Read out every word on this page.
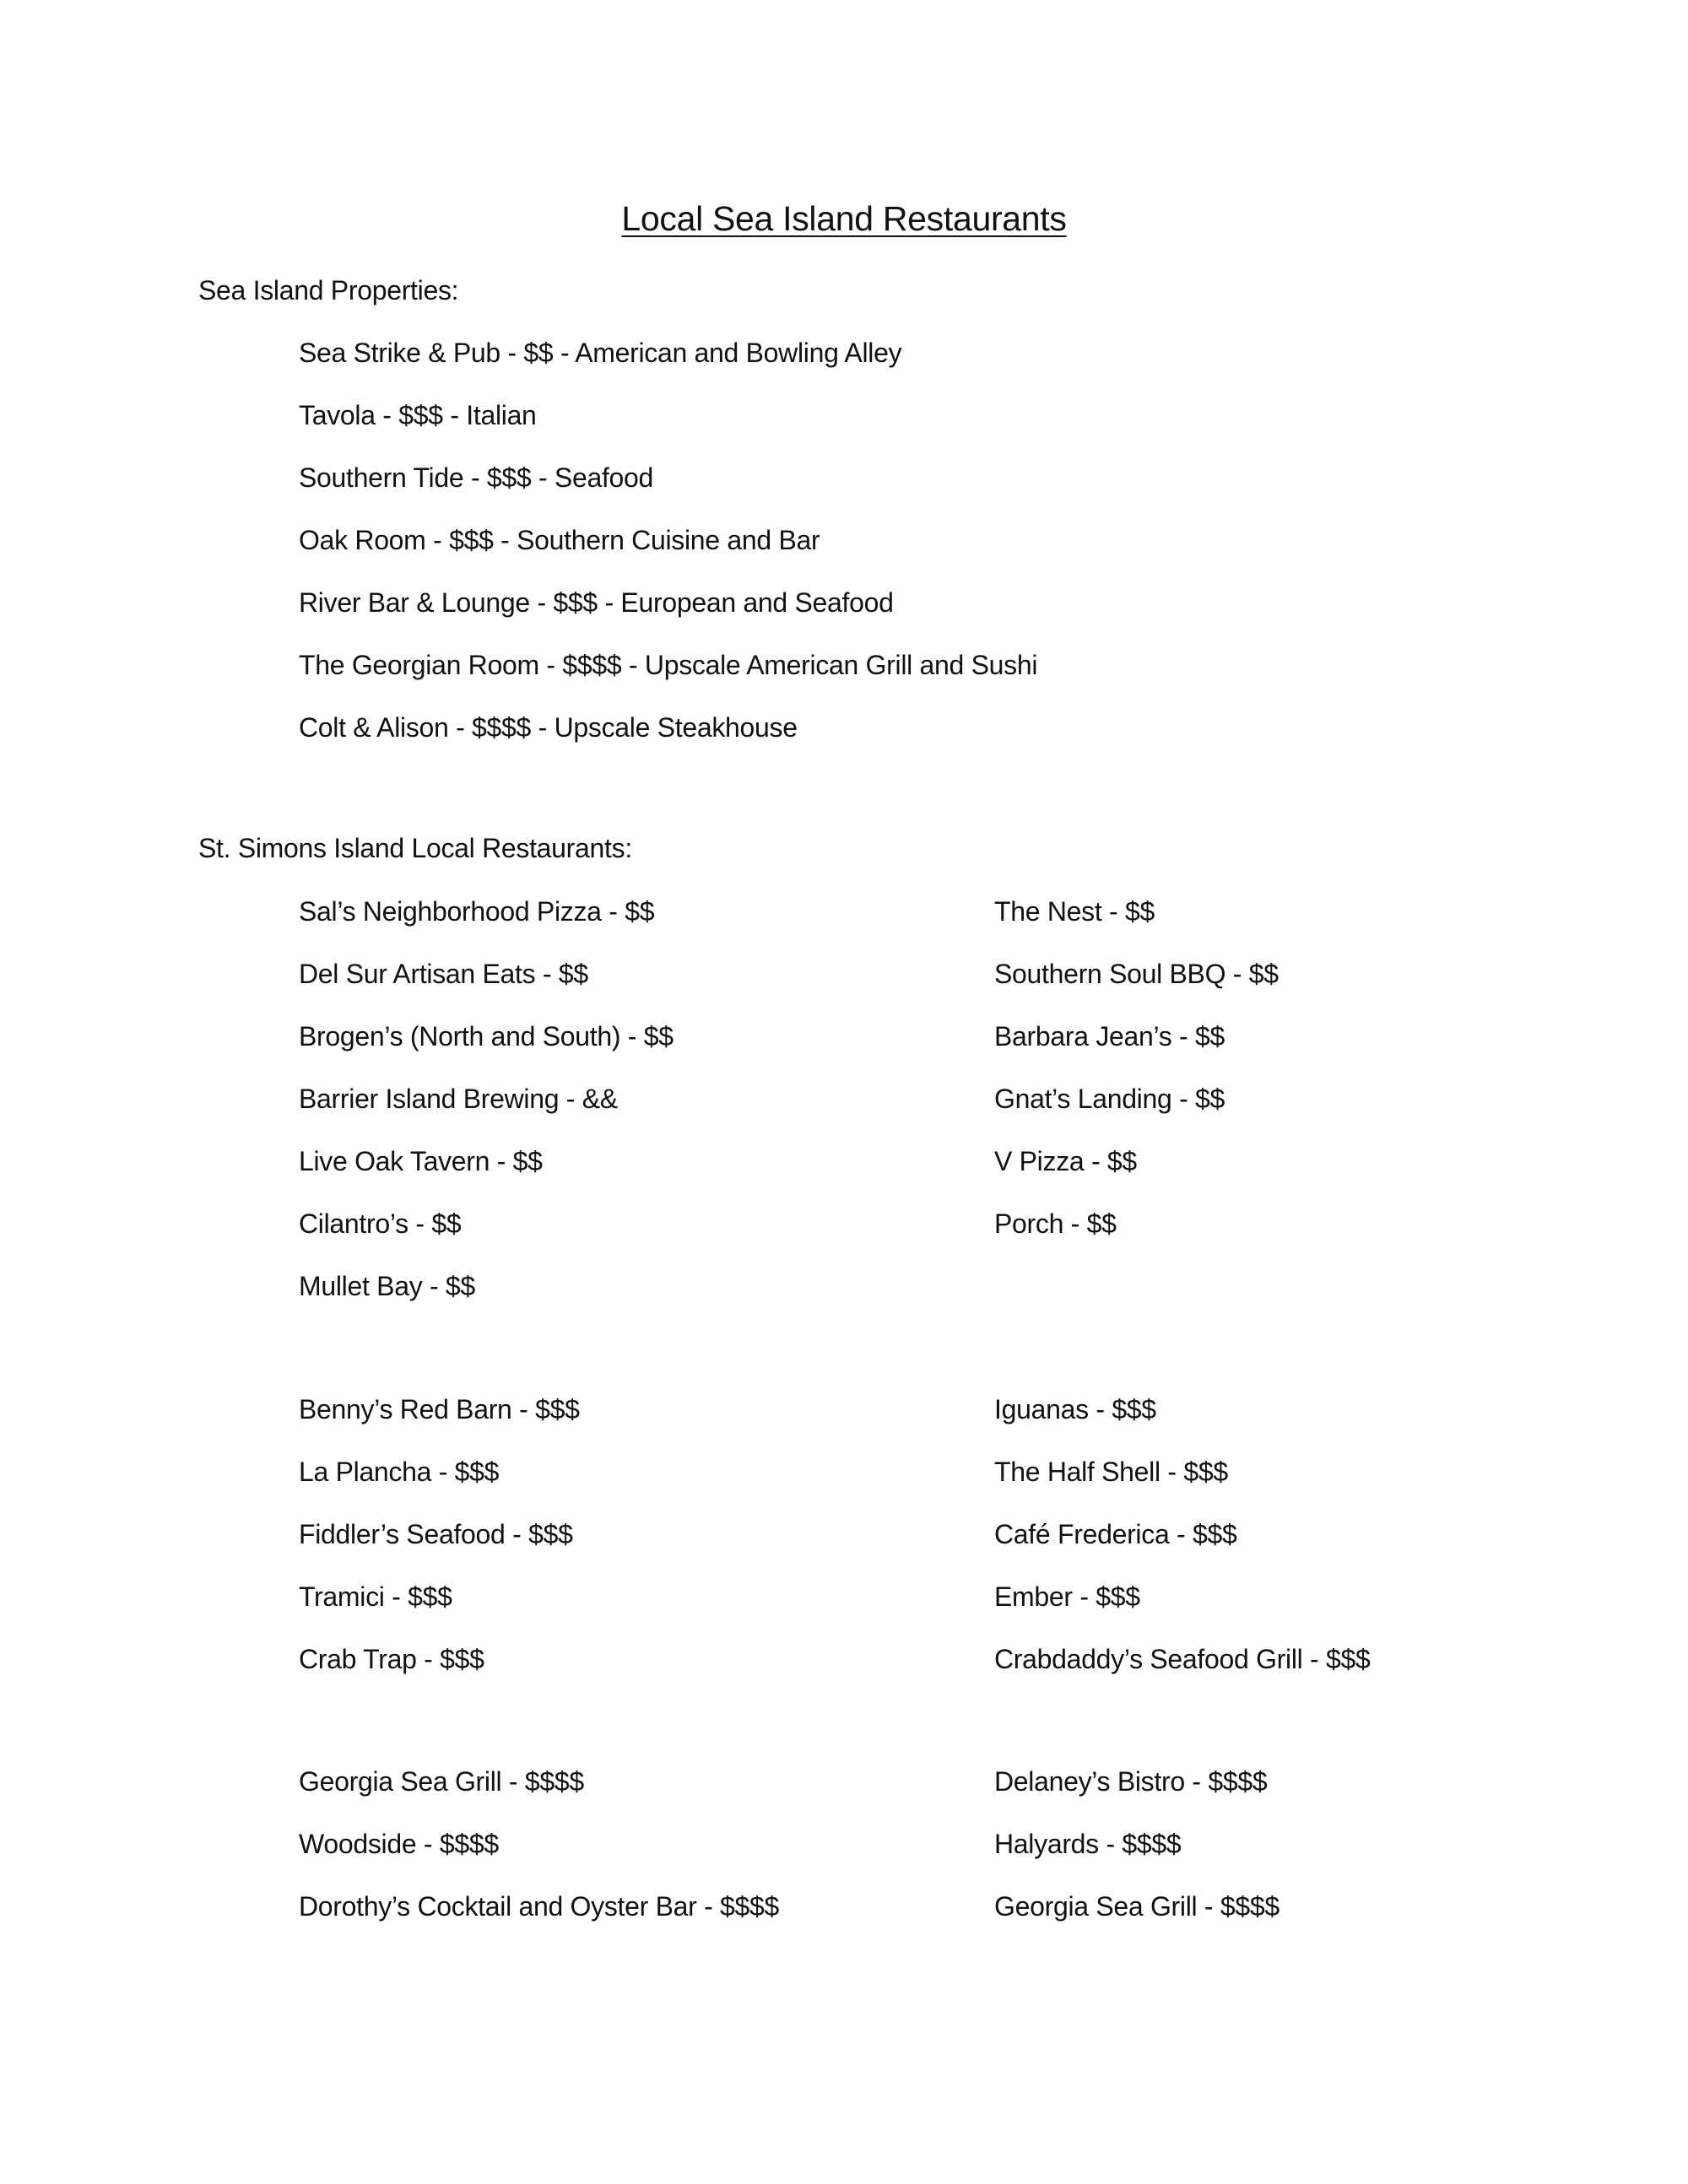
Local Sea Island Restaurants
Sea Island Properties:
Sea Strike & Pub - $$ - American and Bowling Alley
Tavola - $$$ - Italian
Southern Tide - $$$ - Seafood
Oak Room - $$$ - Southern Cuisine and Bar
River Bar & Lounge - $$$ - European and Seafood
The Georgian Room - $$$$ - Upscale American Grill and Sushi
Colt & Alison - $$$$ - Upscale Steakhouse
St. Simons Island Local Restaurants:
Sal’s Neighborhood Pizza - $$
Del Sur Artisan Eats - $$
Brogen’s (North and South) - $$
Barrier Island Brewing - &&
Live Oak Tavern - $$
Cilantro’s - $$
Mullet Bay - $$
The Nest - $$
Southern Soul BBQ - $$
Barbara Jean’s - $$
Gnat’s Landing - $$
V Pizza - $$
Porch - $$
Benny’s Red Barn - $$$
La Plancha - $$$
Fiddler’s Seafood - $$$
Tramici - $$$
Crab Trap - $$$
Iguanas - $$$
The Half Shell - $$$
Café Frederica - $$$
Ember - $$$
Crabdaddy’s Seafood Grill - $$$
Georgia Sea Grill - $$$$
Woodside - $$$$
Dorothy’s Cocktail and Oyster Bar - $$$$
Delaney’s Bistro - $$$$
Halyards - $$$$
Georgia Sea Grill - $$$$
